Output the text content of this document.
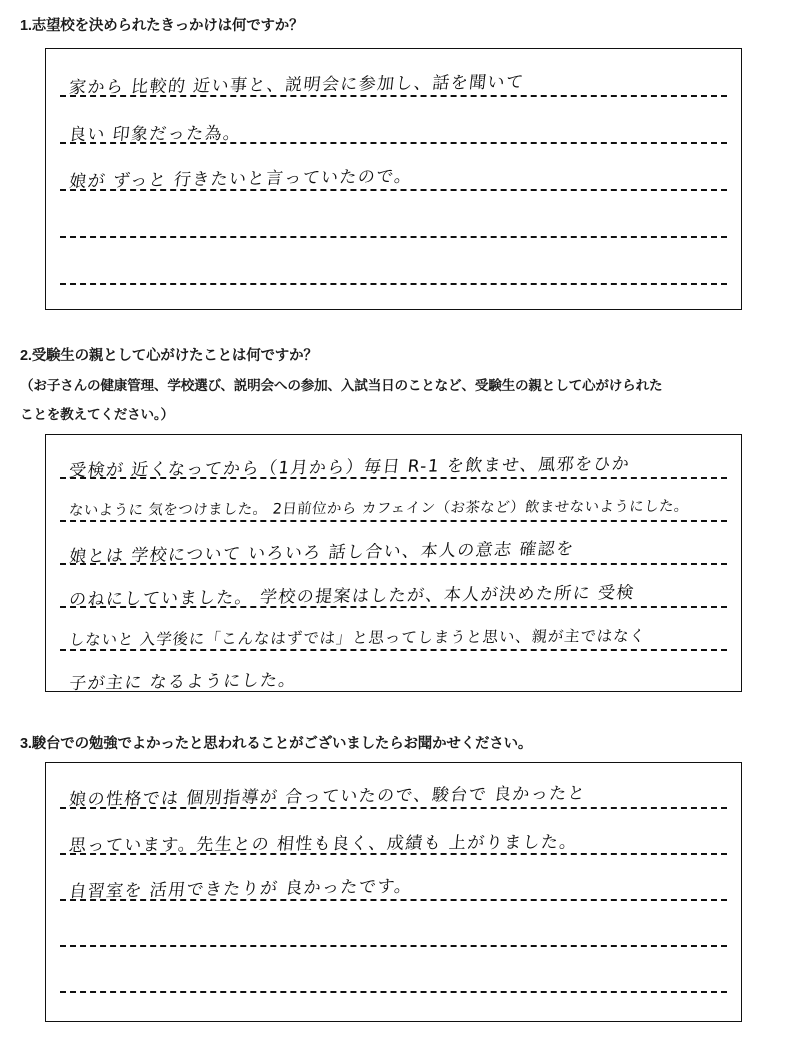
1.志望校を決められたきっかけは何ですか？
家から 比較的 近い事と、説明会に参加し、話を聞いて
良い 印象だった為。
娘が ずっと 行きたいと言っていたので。
2.受験生の親として心がけたことは何ですか？
（お子さんの健康管理、学校選び、説明会への参加、入試当日のことなど、受験生の親として心がけられた
ことを教えてください。）
受検が 近くなってから（1月から）毎日 R-1 を飲ませ、風邪をひか
ないように 気をつけました。 2日前位から カフェイン（お茶など）飲ませないようにした。
娘とは 学校について いろいろ 話し合い、本人の意志 確認を
のねにしていました。 学校の提案はしたが、本人が決めた所に 受検
しないと 入学後に「こんなはずでは」と思ってしまうと思い、親が主ではなく
子が主に なるようにした。
3.駿台での勉強でよかったと思われることがございましたらお聞かせください。
娘の性格では 個別指導が 合っていたので、駿台で 良かったと
思っています。先生との 相性も良く、成績も 上がりました。
自習室を 活用できたりが 良かったです。
